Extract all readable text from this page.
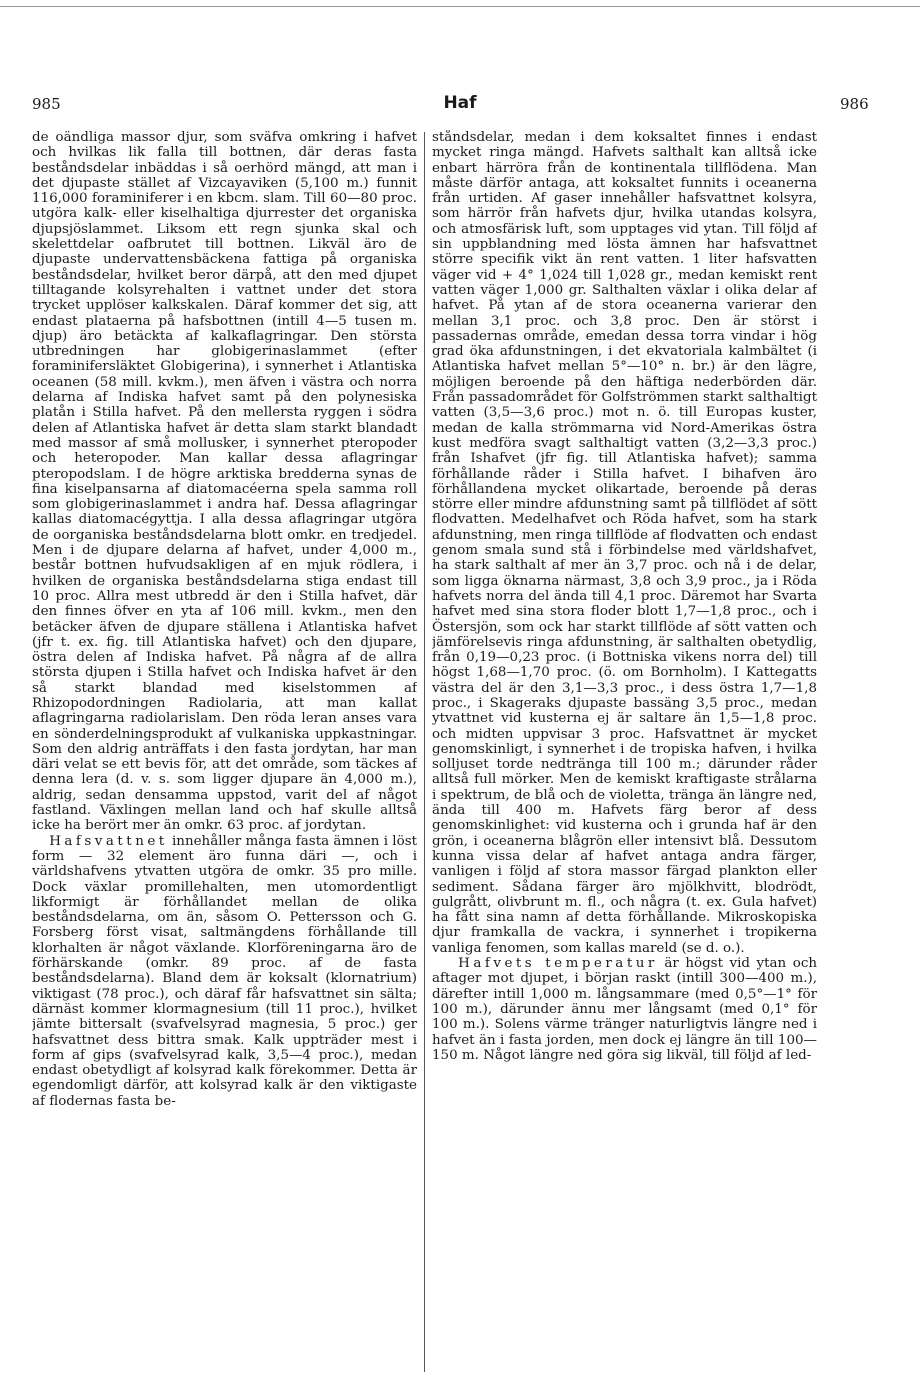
985	Haf	986

de oändliga massor djur, som sväfva omkring i hafvet och hvilkas lik falla till bottnen, där deras fasta beståndsdelar inbäddas i så oerhörd mängd, att man i det djupaste stället af Vizcayaviken (5,100 m.) funnit 116,000 foraminiferer i en kbcm. slam. Till 60—80 proc. utgöra kalk- eller kiselhaltiga djurrester det organiska djupsjöslammet. Liksom ett regn sjunka skal och skelettdelar oafbrutet till bottnen. Likväl äro de djupaste undervattensbäckena fattiga på organiska beståndsdelar, hvilket beror därpå, att den med djupet tilltagande kolsyrehalten i vattnet under det stora trycket upplöser kalkskalen. Däraf kommer det sig, att endast plataerna på hafsbottnen (intill 4—5 tusen m. djup) äro betäckta af kalkaflagringar. Den största utbredningen har globigerinaslammet (efter foraminifersläktet Globigerina), i synnerhet i Atlantiska oceanen (58 mill. kvkm.), men äfven i västra och norra delarna af Indiska hafvet samt på den polynesiska platån i Stilla hafvet. På den mellersta ryggen i södra delen af Atlantiska hafvet är detta slam starkt blandadt med massor af små mollusker, i synnerhet pteropoder och heteropoder. Man kallar dessa aflagringar pteropodslam. I de högre arktiska bredderna synas de fina kiselpansarna af diatomacéerna spela samma roll som globigerinaslammet i andra haf. Dessa aflagringar kallas diatomacégyttja. I alla dessa aflagringar utgöra de oorganiska beståndsdelarna blott omkr. en tredjedel. Men i de djupare delarna af hafvet, under 4,000 m., består bottnen hufvudsakligen af en mjuk rödlera, i hvilken de organiska beståndsdelarna stiga endast till 10 proc. Allra mest utbredd är den i Stilla hafvet, där den finnes öfver en yta af 106 mill. kvkm., men den betäcker äfven de djupare ställena i Atlantiska hafvet (jfr t. ex. fig. till Atlantiska hafvet) och den djupare, östra delen af Indiska hafvet. På några af de allra största djupen i Stilla hafvet och Indiska hafvet är den så starkt blandad med kiselstommen af Rhizopodordningen Radiolaria, att man kallat aflagringarna radiolarislam. Den röda leran anses vara en sönderdelningsprodukt af vulkaniska uppkastningar. Som den aldrig anträffats i den fasta jordytan, har man däri velat se ett bevis för, att det område, som täckes af denna lera (d. v. s. som ligger djupare än 4,000 m.), aldrig, sedan densamma uppstod, varit del af något fastland. Växlingen mellan land och haf skulle alltså icke ha berört mer än omkr. 63 proc. af jordytan.

Hafsvattnet innehåller många fasta ämnen i löst form — 32 element äro funna däri —, och i världshafvens ytvatten utgöra de omkr. 35 pro mille. Dock växlar promillehalten, men utomordentligt likformigt är förhållandet mellan de olika beståndsdelarna, om än, såsom O. Pettersson och G. Forsberg först visat, saltmängdens förhållande till klorhalten är något växlande. Klorföreningarna äro de förhärskande (omkr. 89 proc. af de fasta beståndsdelarna). Bland dem är koksalt (klornatrium) viktigast (78 proc.), och däraf får hafsvattnet sin sälta; därnäst kommer klormagnesium (till 11 proc.), hvilket jämte bittersalt (svafvelsyrad magnesia, 5 proc.) ger hafsvattnet dess bittra smak. Kalk uppträder mest i form af gips (svafvelsyrad kalk, 3,5—4 proc.), medan endast obetydligt af kolsyrad kalk förekommer. Detta är egendomligt därför, att kolsyrad kalk är den viktigaste af flodernas fasta be-

ståndsdelar, medan i dem koksaltet finnes i endast mycket ringa mängd. Hafvets salthalt kan alltså icke enbart härröra från de kontinentala tillflödena. Man måste därför antaga, att koksaltet funnits i oceanerna från urtiden. Af gaser innehåller hafsvattnet kolsyra, som härrör från hafvets djur, hvilka utandas kolsyra, och atmosfärisk luft, som upptages vid ytan. Till följd af sin uppblandning med lösta ämnen har hafsvattnet större specifik vikt än rent vatten. 1 liter hafsvatten väger vid + 4° 1,024 till 1,028 gr., medan kemiskt rent vatten väger 1,000 gr. Salthalten växlar i olika delar af hafvet. På ytan af de stora oceanerna varierar den mellan 3,1 proc. och 3,8 proc. Den är störst i passadernas område, emedan dessa torra vindar i hög grad öka afdunstningen, i det ekvatoriala kalmbältet (i Atlantiska hafvet mellan 5°—10° n. br.) är den lägre, möjligen beroende på den häftiga nederbörden där. Från passadområdet för Golfströmmen starkt salthaltigt vatten (3,5—3,6 proc.) mot n. ö. till Europas kuster, medan de kalla strömmarna vid Nord-Amerikas östra kust medföra svagt salthaltigt vatten (3,2—3,3 proc.) från Ishafvet (jfr fig. till Atlantiska hafvet); samma förhållande råder i Stilla hafvet. I bihafven äro förhållandena mycket olikartade, beroende på deras större eller mindre afdunstning samt på tillflödet af sött flodvatten. Medelhafvet och Röda hafvet, som ha stark afdunstning, men ringa tillflöde af flodvatten och endast genom smala sund stå i förbindelse med världshafvet, ha stark salthalt af mer än 3,7 proc. och nå i de delar, som ligga öknarna närmast, 3,8 och 3,9 proc., ja i Röda hafvets norra del ända till 4,1 proc. Däremot har Svarta hafvet med sina stora floder blott 1,7—1,8 proc., och i Östersjön, som ock har starkt tillflöde af sött vatten och jämförelsevis ringa afdunstning, är salthalten obetydlig, från 0,19—0,23 proc. (i Bottniska vikens norra del) till högst 1,68—1,70 proc. (ö. om Bornholm). I Kattegatts västra del är den 3,1—3,3 proc., i dess östra 1,7—1,8 proc., i Skageraks djupaste bassäng 3,5 proc., medan ytvattnet vid kusterna ej är saltare än 1,5—1,8 proc. och midten uppvisar 3 proc. Hafsvattnet är mycket genomskinligt, i synnerhet i de tropiska hafven, i hvilka solljuset torde nedtränga till 100 m.; därunder råder alltså full mörker. Men de kemiskt kraftigaste strålarna i spektrum, de blå och de violetta, tränga än längre ned, ända till 400 m. Hafvets färg beror af dess genomskinlighet: vid kusterna och i grunda haf är den grön, i oceanerna blågrön eller intensivt blå. Dessutom kunna vissa delar af hafvet antaga andra färger, vanligen i följd af stora massor färgad plankton eller sediment. Sådana färger äro mjölkhvitt, blodrödt, gulgrått, olivbrunt m. fl., och några (t. ex. Gula hafvet) ha fått sina namn af detta förhållande. Mikroskopiska djur framkalla de vackra, i synnerhet i tropikerna vanliga fenomen, som kallas mareld (se d. o.).

Hafvets temperatur är högst vid ytan och aftager mot djupet, i början raskt (intill 300—400 m.), därefter intill 1,000 m. långsammare (med 0,5°—1° för 100 m.), därunder ännu mer långsamt (med 0,1° för 100 m.). Solens värme tränger naturligtvis längre ned i hafvet än i fasta jorden, men dock ej längre än till 100—150 m. Något längre ned göra sig likväl, till följd af led-
